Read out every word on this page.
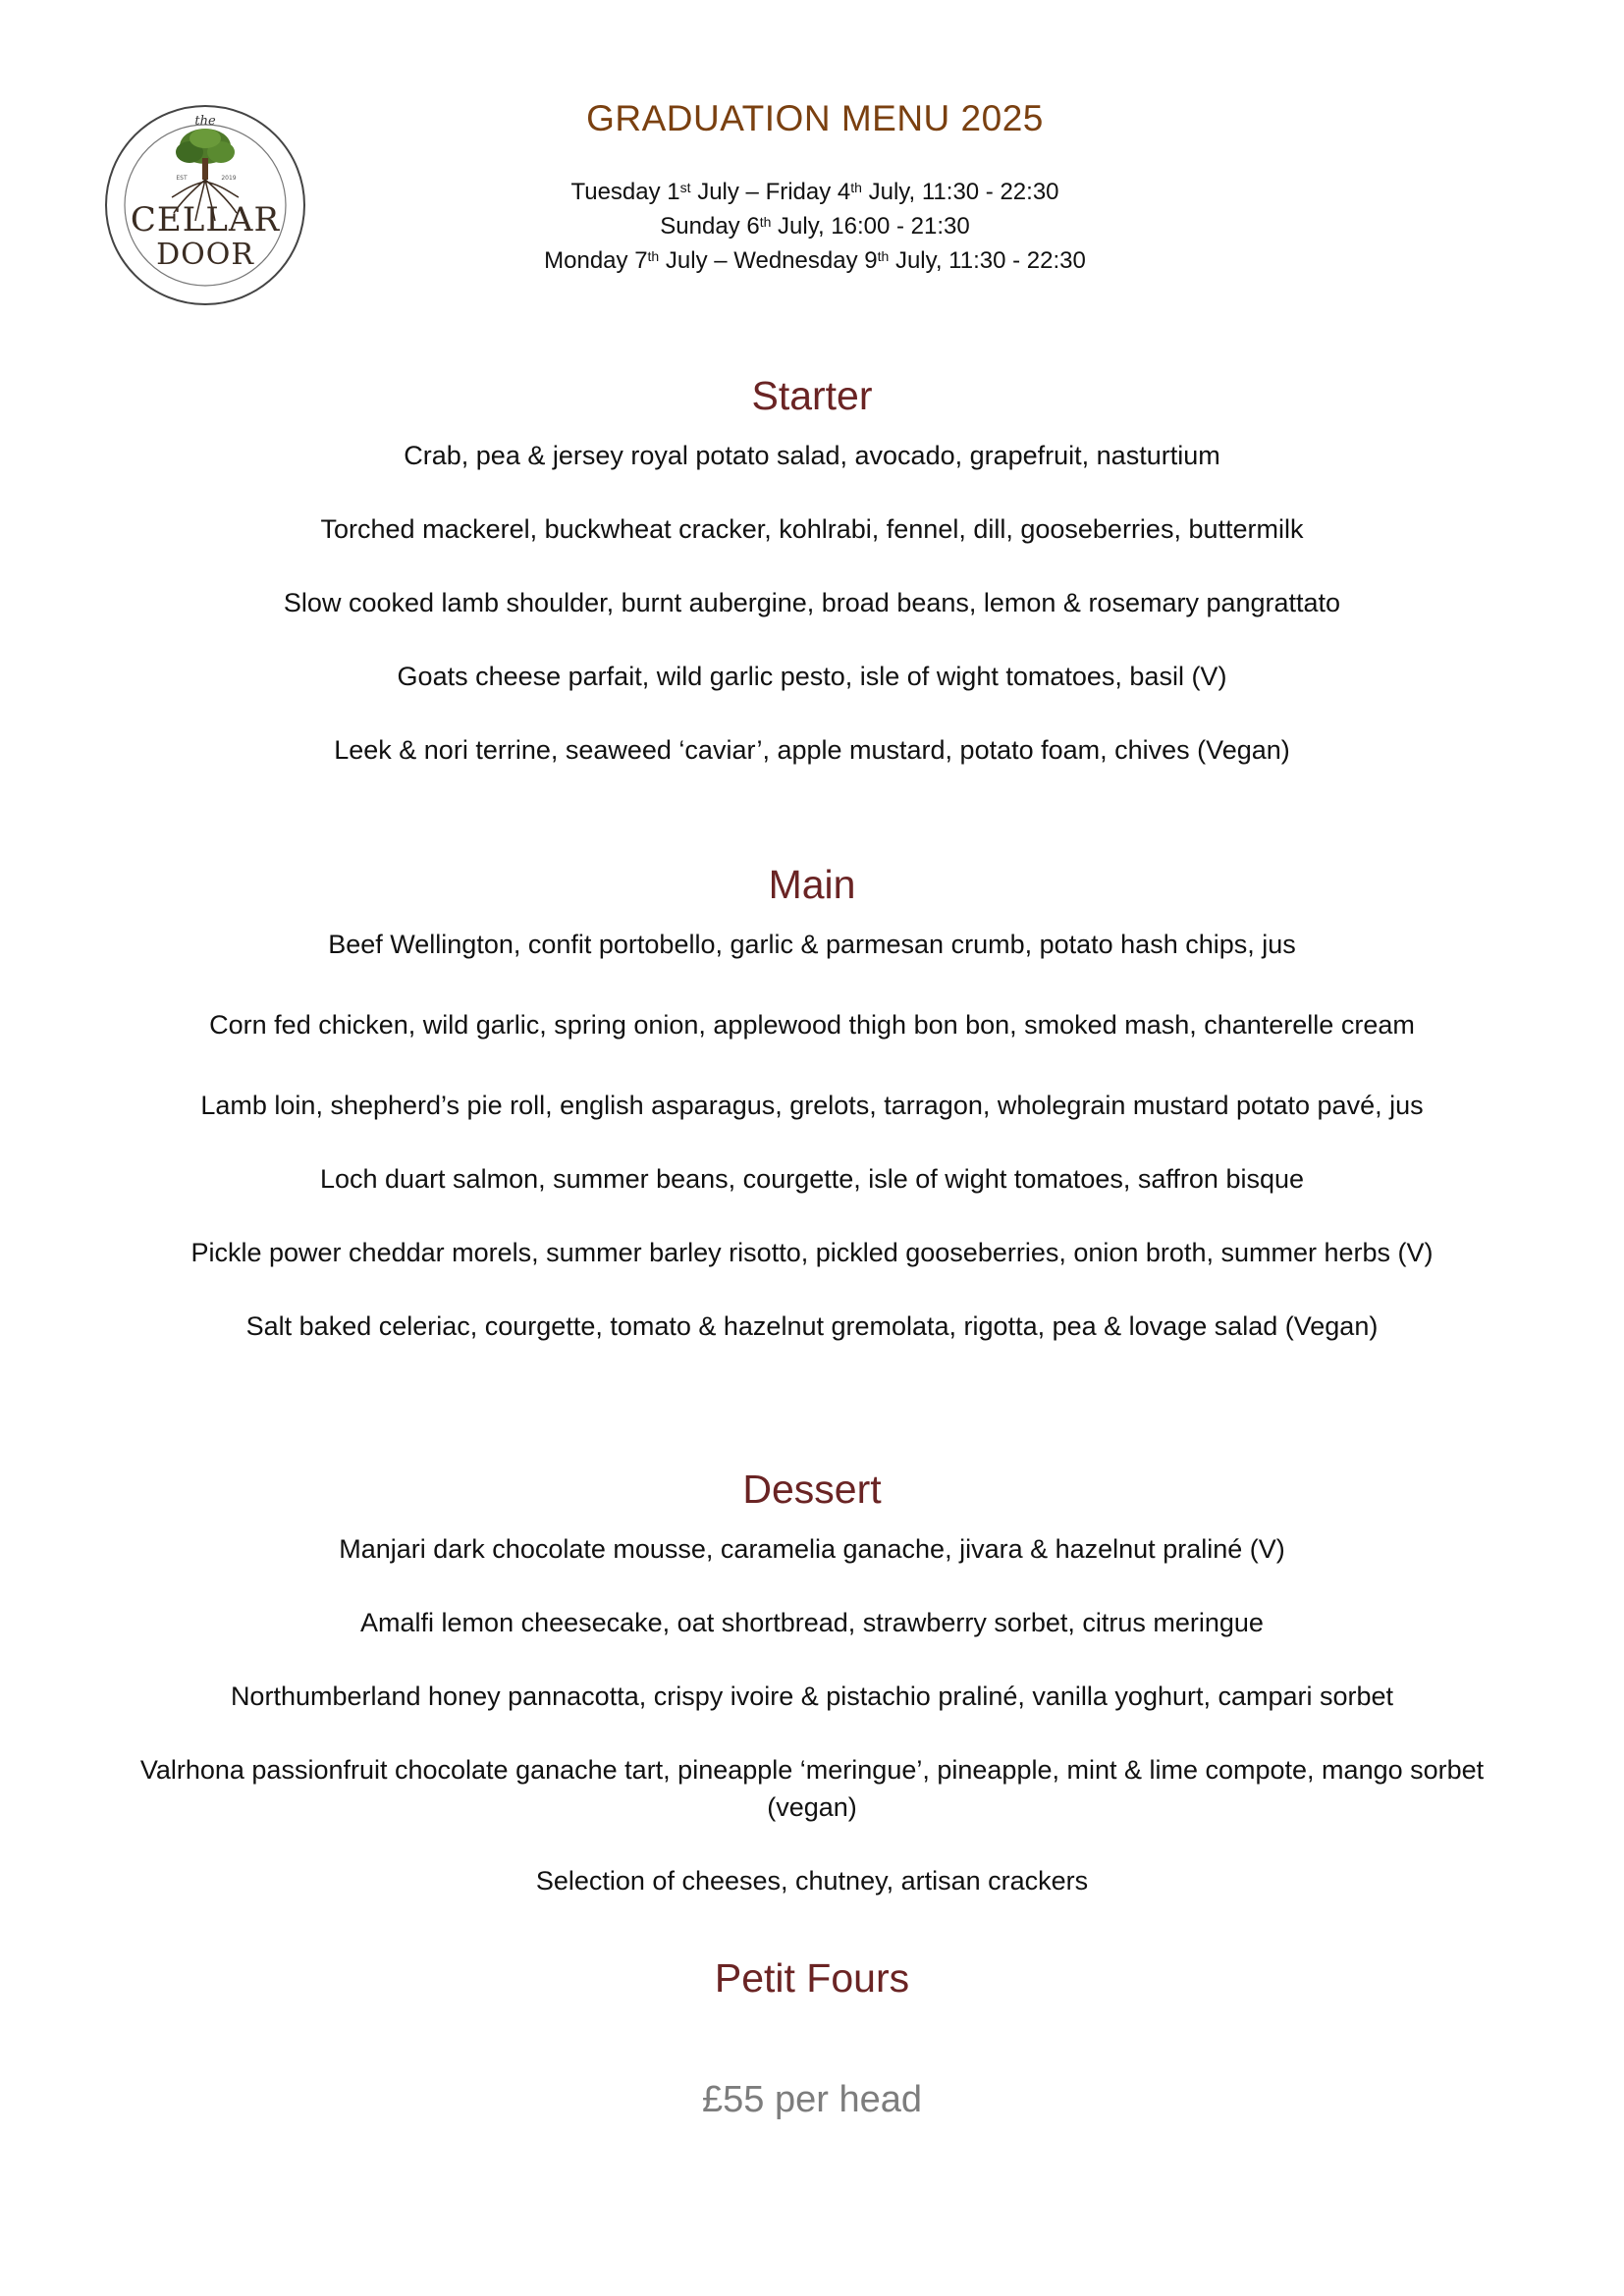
the
EST	2019
CELLAR
DOOR
GRADUATION MENU 2025
Tuesday 1st July – Friday 4th July, 11:30 - 22:30
Sunday 6th July, 16:00 - 21:30
Monday 7th July – Wednesday 9th July, 11:30 - 22:30
Starter

Crab, pea & jersey royal potato salad, avocado, grapefruit, nasturtium

Torched mackerel, buckwheat cracker, kohlrabi, fennel, dill, gooseberries, buttermilk

Slow cooked lamb shoulder, burnt aubergine, broad beans, lemon & rosemary pangrattato

Goats cheese parfait, wild garlic pesto, isle of wight tomatoes, basil (V)

Leek & nori terrine, seaweed ‘caviar’, apple mustard, potato foam, chives (Vegan)

Main

Beef Wellington, confit portobello, garlic & parmesan crumb, potato hash chips, jus

Corn fed chicken, wild garlic, spring onion, applewood thigh bon bon, smoked mash, chanterelle cream

Lamb loin, shepherd’s pie roll, english asparagus, grelots, tarragon, wholegrain mustard potato pavé, jus

Loch duart salmon, summer beans, courgette, isle of wight tomatoes, saffron bisque

Pickle power cheddar morels, summer barley risotto, pickled gooseberries, onion broth, summer herbs (V)

Salt baked celeriac, courgette, tomato & hazelnut gremolata, rigotta, pea & lovage salad (Vegan)

Dessert

Manjari dark chocolate mousse, caramelia ganache, jivara & hazelnut praliné (V)

Amalfi lemon cheesecake, oat shortbread, strawberry sorbet, citrus meringue

Northumberland honey pannacotta, crispy ivoire & pistachio praliné, vanilla yoghurt, campari sorbet

Valrhona passionfruit chocolate ganache tart, pineapple ‘meringue’, pineapple, mint & lime compote, mango sorbet

(vegan)

Selection of cheeses, chutney, artisan crackers

Petit Fours
£55 per head
